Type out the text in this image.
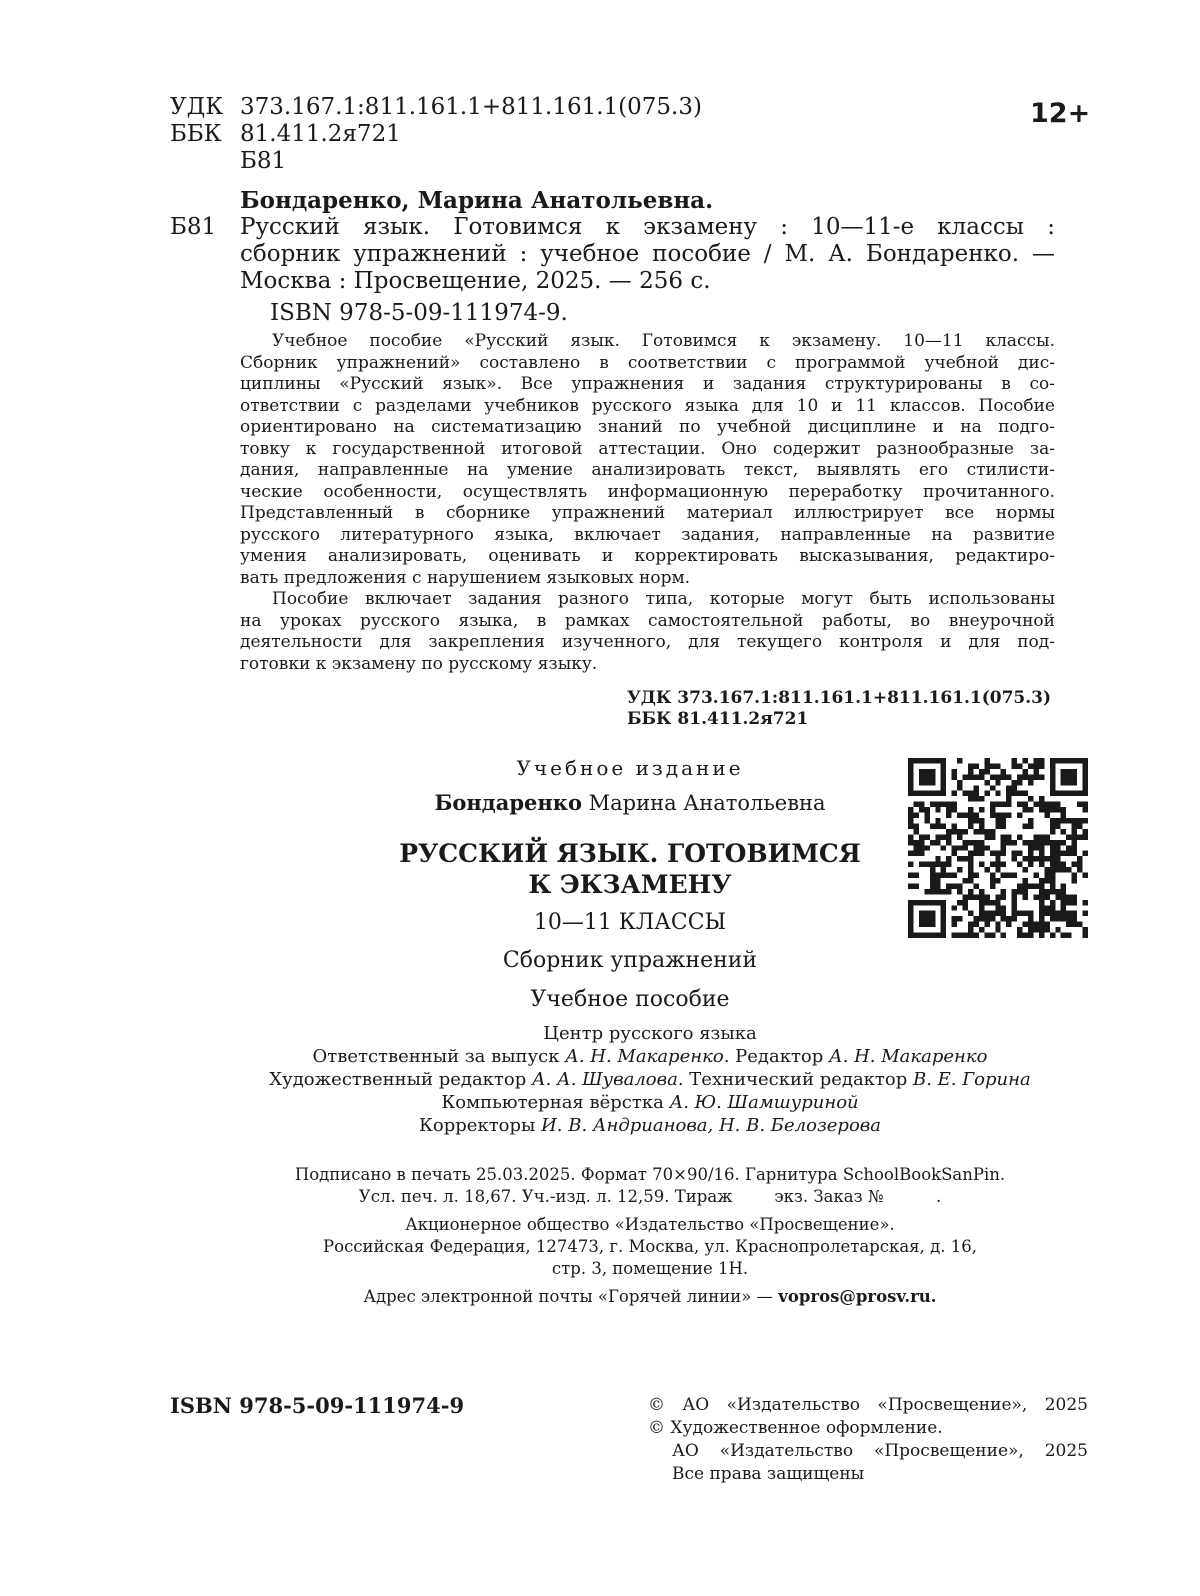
УДК 373.167.1:811.161.1+811.161.1(075.3)
ББК 81.411.2я721
Б81
12+
Бондаренко, Марина Анатольевна.
Б81 Русский язык. Готовимся к экзамену : 10—11-е классы :
сборник упражнений : учебное пособие / М. А. Бондаренко. —
Москва : Просвещение, 2025. — 256 с.
ISBN 978-5-09-111974-9.
Учебное пособие «Русский язык. Готовимся к экзамену. 10—11 классы.
Сборник упражнений» составлено в соответствии с программой учебной дис-
циплины «Русский язык». Все упражнения и задания структурированы в со-
ответствии с разделами учебников русского языка для 10 и 11 классов. Пособие
ориентировано на систематизацию знаний по учебной дисциплине и на подго-
товку к государственной итоговой аттестации. Оно содержит разнообразные за-
дания, направленные на умение анализировать текст, выявлять его стилисти-
ческие особенности, осуществлять информационную переработку прочитанного.
Представленный в сборнике упражнений материал иллюстрирует все нормы
русского литературного языка, включает задания, направленные на развитие
умения анализировать, оценивать и корректировать высказывания, редактиро-
вать предложения с нарушением языковых норм.
Пособие включает задания разного типа, которые могут быть использованы
на уроках русского языка, в рамках самостоятельной работы, во внеурочной
деятельности для закрепления изученного, для текущего контроля и для под-
готовки к экзамену по русскому языку.
УДК 373.167.1:811.161.1+811.161.1(075.3)
ББК 81.411.2я721
Учебное издание
Бондаренко Марина Анатольевна
РУССКИЙ ЯЗЫК. ГОТОВИМСЯ
К ЭКЗАМЕНУ
10—11 КЛАССЫ
Сборник упражнений
Учебное пособие
Центр русского языка
Ответственный за выпуск А. Н. Макаренко. Редактор А. Н. Макаренко
Художественный редактор А. А. Шувалова. Технический редактор В. Е. Горина
Компьютерная вёрстка А. Ю. Шамшуриной
Корректоры И. В. Андрианова, Н. В. Белозерова
Подписано в печать 25.03.2025. Формат 70×90/16. Гарнитура SchoolBookSanPin.
Усл. печ. л. 18,67. Уч.-изд. л. 12,59. Тираж        экз. Заказ №          .
Акционерное общество «Издательство «Просвещение».
Российская Федерация, 127473, г. Москва, ул. Краснопролетарская, д. 16,
стр. 3, помещение 1Н.
Адрес электронной почты «Горячей линии» — vopros@prosv.ru.
ISBN 978-5-09-111974-9	© АО «Издательство «Просвещение», 2025
© Художественное оформление.
АО «Издательство «Просвещение», 2025
Все права защищены
